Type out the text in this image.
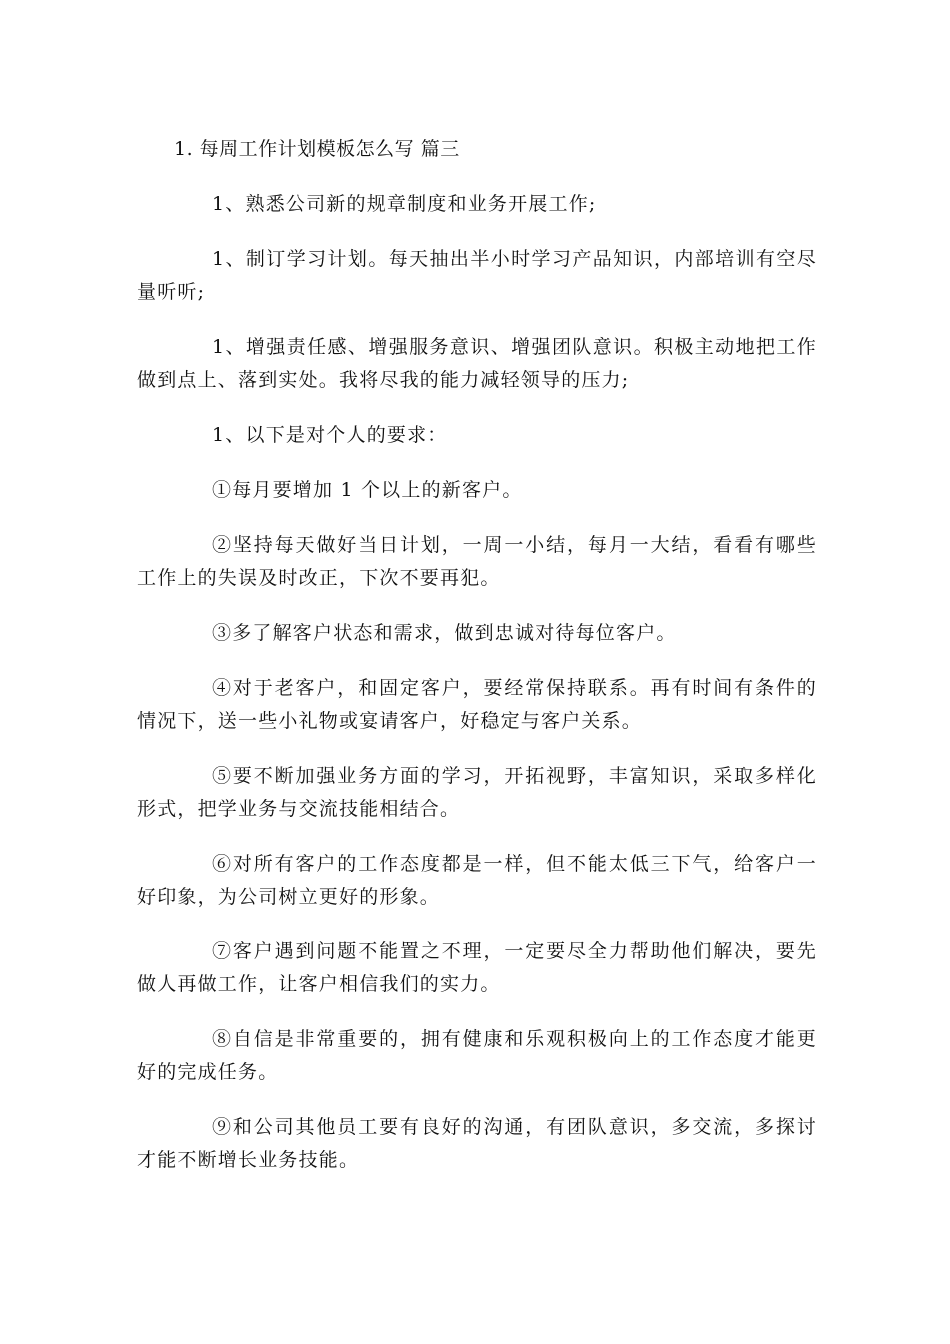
1. 每周工作计划模板怎么写 篇三

1、熟悉公司新的规章制度和业务开展工作;

1、制订学习计划。每天抽出半小时学习产品知识，内部培训有空尽量听听;

1、增强责任感、增强服务意识、增强团队意识。积极主动地把工作做到点上、落到实处。我将尽我的能力减轻领导的压力;

1、以下是对个人的要求：

①每月要增加 1 个以上的新客户。

②坚持每天做好当日计划，一周一小结，每月一大结，看看有哪些工作上的失误及时改正，下次不要再犯。

③多了解客户状态和需求，做到忠诚对待每位客户。

④对于老客户，和固定客户，要经常保持联系。再有时间有条件的情况下，送一些小礼物或宴请客户，好稳定与客户关系。

⑤要不断加强业务方面的学习，开拓视野，丰富知识，采取多样化形式，把学业务与交流技能相结合。

⑥对所有客户的工作态度都是一样，但不能太低三下气，给客户一好印象，为公司树立更好的形象。

⑦客户遇到问题不能置之不理，一定要尽全力帮助他们解决，要先做人再做工作，让客户相信我们的实力。

⑧自信是非常重要的，拥有健康和乐观积极向上的工作态度才能更好的完成任务。

⑨和公司其他员工要有良好的沟通，有团队意识，多交流，多探讨才能不断增长业务技能。
